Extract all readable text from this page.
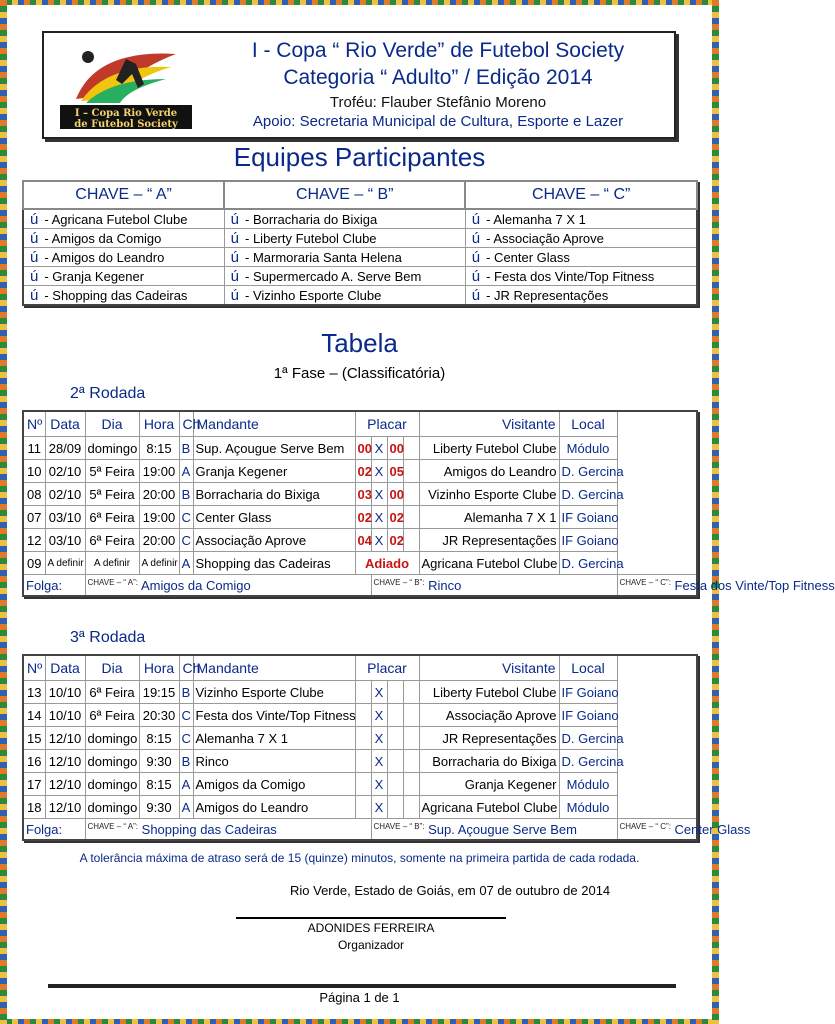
I – Copa Rio Verde
de Futebol Society
I - Copa “ Rio Verde” de Futebol Society
Categoria “ Adulto” / Edição 2014
Troféu: Flauber Stefânio Moreno
Apoio: Secretaria Municipal de Cultura, Esporte e Lazer
Equipes Participantes
CHAVE – “ A”	CHAVE – “ B”	CHAVE – “ C”
ú - Agricana Futebol Clube	ú - Borracharia do Bixiga	ú - Alemanha 7 X 1
ú - Amigos da Comigo	ú - Liberty Futebol Clube	ú - Associação Aprove
ú - Amigos do Leandro	ú - Marmoraria Santa Helena	ú - Center Glass
ú - Granja Kegener	ú - Supermercado A. Serve Bem	ú - Festa dos Vinte/Top Fitness
ú - Shopping das Cadeiras	ú - Vizinho Esporte Clube	ú - JR Representações
Tabela
1ª Fase – (Classificatória)
2ª Rodada
Nº	Data	Dia	Hora	Ch	Mandante	Placar				Visitante	Local	
11	28/09	domingo	8:15	B	Sup. Açougue Serve Bem	00	X	00		Liberty Futebol Clube	Módulo	
10	02/10	5ª Feira	19:00	A	Granja Kegener	02	X	05		Amigos do Leandro	D. Gercina	
08	02/10	5ª Feira	20:00	B	Borracharia do Bixiga	03	X	00		Vizinho Esporte Clube	D. Gercina	
07	03/10	6ª Feira	19:00	C	Center Glass	02	X	02		Alemanha 7 X 1	IF Goiano	
12	03/10	6ª Feira	20:00	C	Associação Aprove	04	X	02		JR Representações	IF Goiano	
09	A definir	A definir	A definir	A	Shopping das Cadeiras	Adiado				Agricana Futebol Clube	D. Gercina	
Folga:		$^{CHAVE - “ A”:}$ Amigos da Comigo					$^{CHAVE - “ B”:}$ Rinco					$^{CHAVE - “ C”:}$ Festa dos Vinte/Top Fitness
3ª Rodada
Nº	Data	Dia	Hora	Ch	Mandante	Placar				Visitante	Local	
13	10/10	6ª Feira	19:15	B	Vizinho Esporte Clube		X			Liberty Futebol Clube	IF Goiano	
14	10/10	6ª Feira	20:30	C	Festa dos Vinte/Top Fitness		X			Associação Aprove	IF Goiano	
15	12/10	domingo	8:15	C	Alemanha 7 X 1		X			JR Representações	D. Gercina	
16	12/10	domingo	9:30	B	Rinco		X			Borracharia do Bixiga	D. Gercina	
17	12/10	domingo	8:15	A	Amigos da Comigo		X			Granja Kegener	Módulo	
18	12/10	domingo	9:30	A	Amigos do Leandro		X			Agricana Futebol Clube	Módulo	
Folga:		$^{CHAVE - “ A”:}$ Shopping das Cadeiras					$^{CHAVE - “ B”:}$ Sup. Açougue Serve Bem					$^{CHAVE - “ C”:}$ Center Glass
A tolerância máxima de atraso será de 15 (quinze) minutos, somente na primeira partida de cada rodada.
Rio Verde, Estado de Goiás, em 07 de outubro de 2014
ADONIDES FERREIRA
Organizador
Página 1 de 1
